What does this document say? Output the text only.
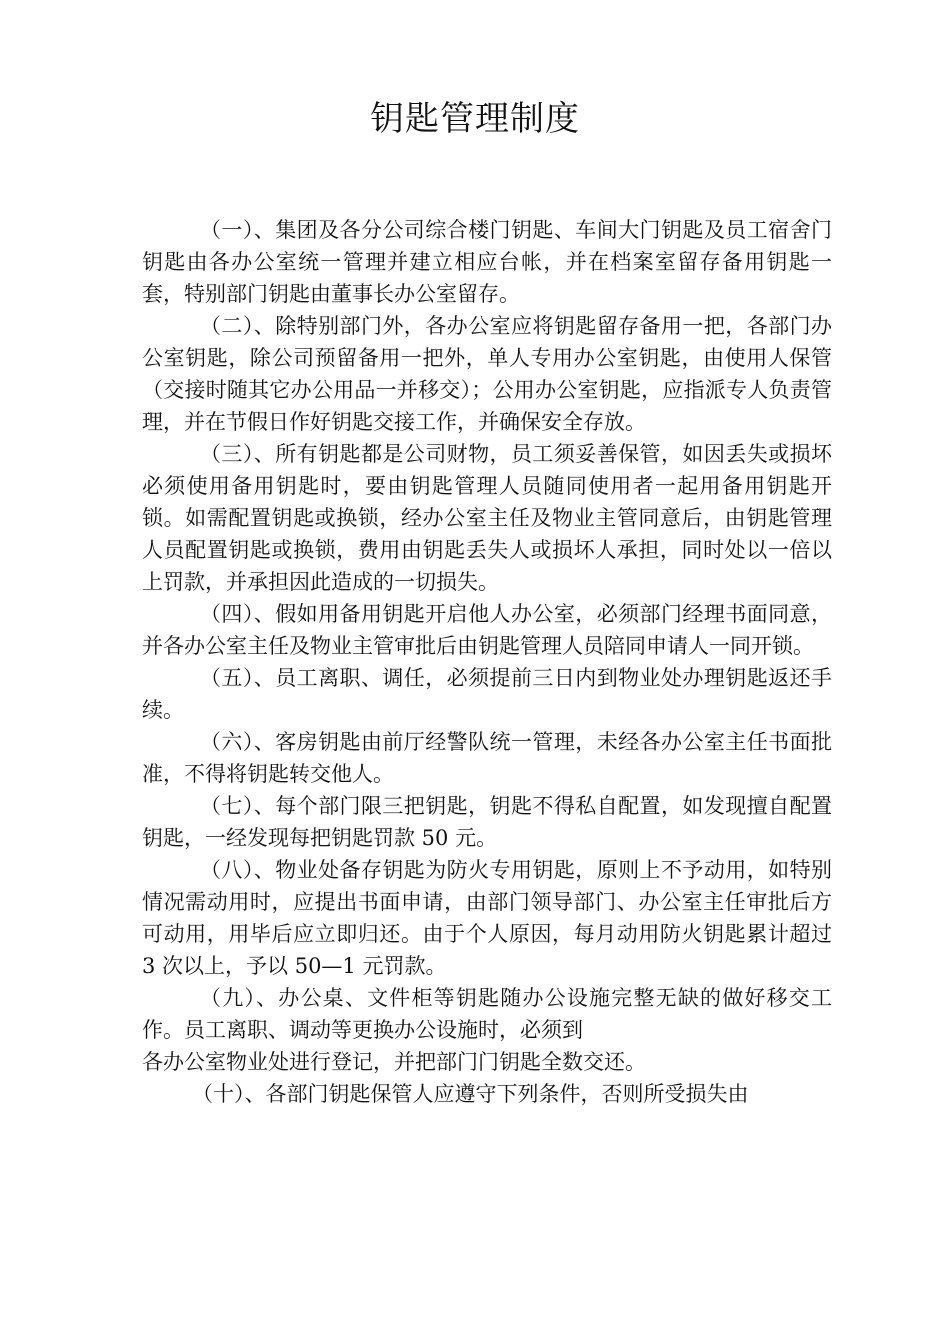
钥匙管理制度

（一）、集团及各分公司综合楼门钥匙、车间大门钥匙及员工宿舍门钥匙由各办公室统一管理并建立相应台帐，并在档案室留存备用钥匙一套，特别部门钥匙由董事长办公室留存。

（二）、除特别部门外，各办公室应将钥匙留存备用一把，各部门办公室钥匙，除公司预留备用一把外，单人专用办公室钥匙，由使用人保管（交接时随其它办公用品一并移交）；公用办公室钥匙，应指派专人负责管理，并在节假日作好钥匙交接工作，并确保安全存放。

（三）、所有钥匙都是公司财物，员工须妥善保管，如因丢失或损坏必须使用备用钥匙时，要由钥匙管理人员随同使用者一起用备用钥匙开锁。如需配置钥匙或换锁，经办公室主任及物业主管同意后，由钥匙管理人员配置钥匙或换锁，费用由钥匙丢失人或损坏人承担，同时处以一倍以上罚款，并承担因此造成的一切损失。

（四）、假如用备用钥匙开启他人办公室，必须部门经理书面同意，并各办公室主任及物业主管审批后由钥匙管理人员陪同申请人一同开锁。

（五）、员工离职、调任，必须提前三日内到物业处办理钥匙返还手续。

（六）、客房钥匙由前厅经警队统一管理，未经各办公室主任书面批准，不得将钥匙转交他人。

（七）、每个部门限三把钥匙，钥匙不得私自配置，如发现擅自配置钥匙，一经发现每把钥匙罚款 50 元。

（八）、物业处备存钥匙为防火专用钥匙，原则上不予动用，如特别情况需动用时，应提出书面申请，由部门领导部门、办公室主任审批后方可动用，用毕后应立即归还。由于个人原因，每月动用防火钥匙累计超过 3 次以上，予以 50—1 元罚款。

（九）、办公桌、文件柜等钥匙随办公设施完整无缺的做好移交工作。员工离职、调动等更换办公设施时，必须到

各办公室物业处进行登记，并把部门门钥匙全数交还。

（十）、各部门钥匙保管人应遵守下列条件，否则所受损失由
